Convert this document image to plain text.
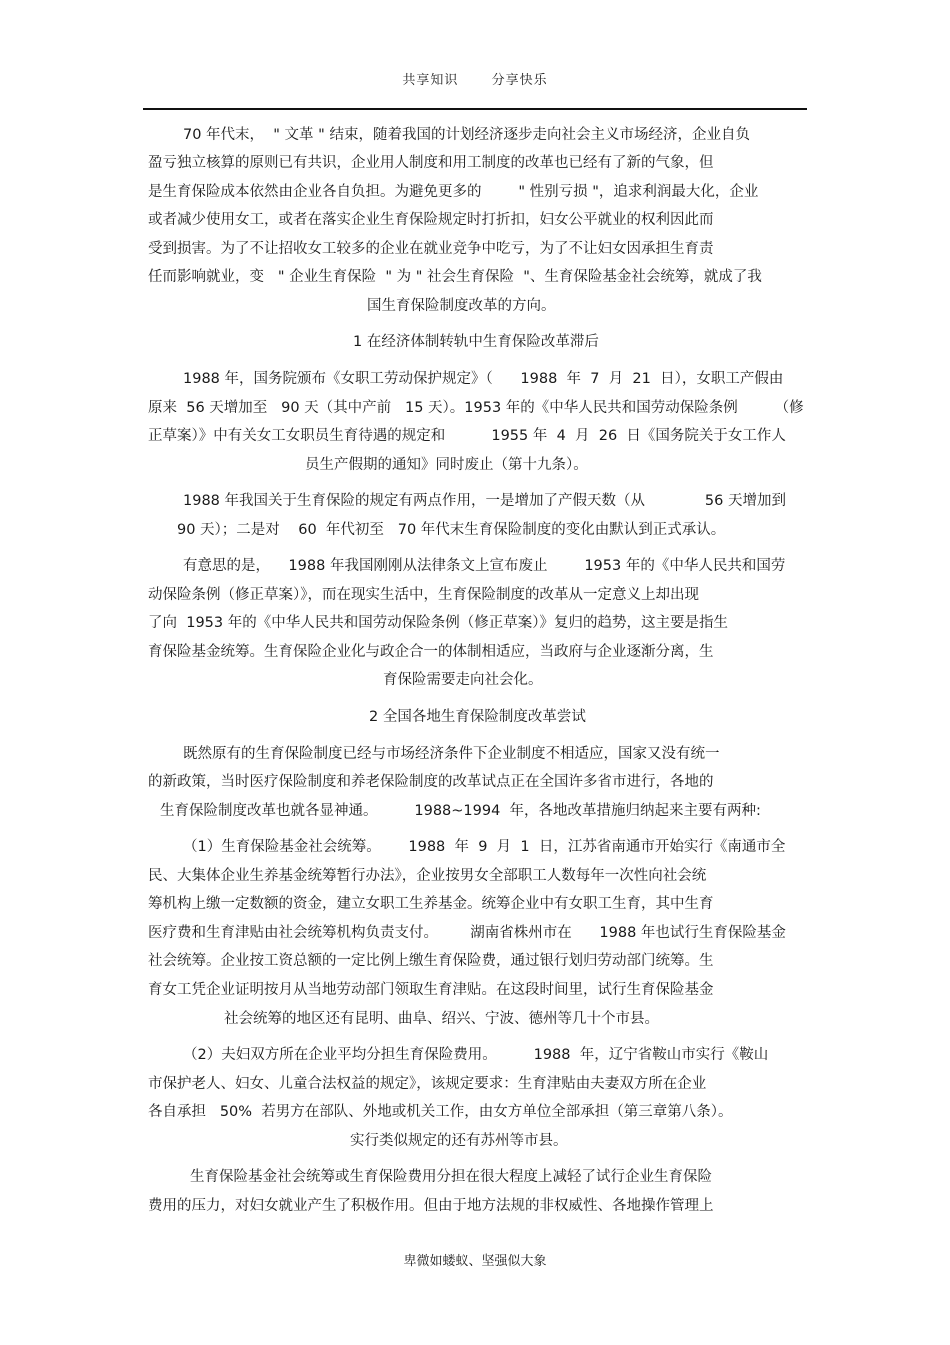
共享知识	分享快乐
70 年代末，  " 文革 " 结束，随着我国的计划经济逐步走向社会主义市场经济，企业自负
盈亏独立核算的原则已有共识，企业用人制度和用工制度的改革也已经有了新的气象，但
是生育保险成本依然由企业各自负担。为避免更多的        " 性别亏损 "，追求利润最大化，企业
或者减少使用女工，或者在落实企业生育保险规定时打折扣，妇女公平就业的权利因此而
受到损害。为了不让招收女工较多的企业在就业竞争中吃亏，为了不让妇女因承担生育责
任而影响就业，变   " 企业生育保险  " 为 " 社会生育保险  "、生育保险基金社会统筹，就成了我
国生育保险制度改革的方向。
1 在经济体制转轨中生育保险改革滞后
1988 年，国务院颁布《女职工劳动保护规定》（      1988  年  7  月  21  日），女职工产假由
原来  56 天增加至   90 天（其中产前   15 天）。1953 年的《中华人民共和国劳动保险条例        （修
正草案）》中有关女工女职员生育待遇的规定和          1955 年  4  月  26  日《国务院关于女工作人
员生产假期的通知》同时废止（第十九条）。
1988 年我国关于生育保险的规定有两点作用，一是增加了产假天数（从             56 天增加到
90 天）；二是对    60  年代初至   70 年代末生育保险制度的变化由默认到正式承认。
有意思的是，    1988 年我国刚刚从法律条文上宣布废止        1953 年的《中华人民共和国劳
动保险条例（修正草案）》，而在现实生活中，生育保险制度的改革从一定意义上却出现
了向  1953 年的《中华人民共和国劳动保险条例（修正草案）》复归的趋势，这主要是指生
育保险基金统筹。生育保险企业化与政企合一的体制相适应，当政府与企业逐渐分离，生
育保险需要走向社会化。
2 全国各地生育保险制度改革尝试
既然原有的生育保险制度已经与市场经济条件下企业制度不相适应，国家又没有统一
的新政策，当时医疗保险制度和养老保险制度的改革试点正在全国许多省市进行，各地的
生育保险制度改革也就各显神通。        1988~1994  年，各地改革措施归纳起来主要有两种:
（1）生育保险基金社会统筹。      1988  年  9  月  1  日，江苏省南通市开始实行《南通市全
民、大集体企业生养基金统筹暂行办法》，企业按男女全部职工人数每年一次性向社会统
筹机构上缴一定数额的资金，建立女职工生养基金。统筹企业中有女职工生育，其中生育
医疗费和生育津贴由社会统筹机构负责支付。       湖南省株州市在      1988 年也试行生育保险基金
社会统筹。企业按工资总额的一定比例上缴生育保险费，通过银行划归劳动部门统筹。生
育女工凭企业证明按月从当地劳动部门领取生育津贴。在这段时间里，试行生育保险基金
社会统筹的地区还有昆明、曲阜、绍兴、宁波、德州等几十个市县。
（2）夫妇双方所在企业平均分担生育保险费用。        1988  年，辽宁省鞍山市实行《鞍山
市保护老人、妇女、儿童合法权益的规定》，该规定要求：生育津贴由夫妻双方所在企业
各自承担   50%  若男方在部队、外地或机关工作，由女方单位全部承担（第三章第八条）。
实行类似规定的还有苏州等市县。
生育保险基金社会统筹或生育保险费用分担在很大程度上减轻了试行企业生育保险
费用的压力，对妇女就业产生了积极作用。但由于地方法规的非权威性、各地操作管理上
卑微如蝼蚁、坚强似大象
